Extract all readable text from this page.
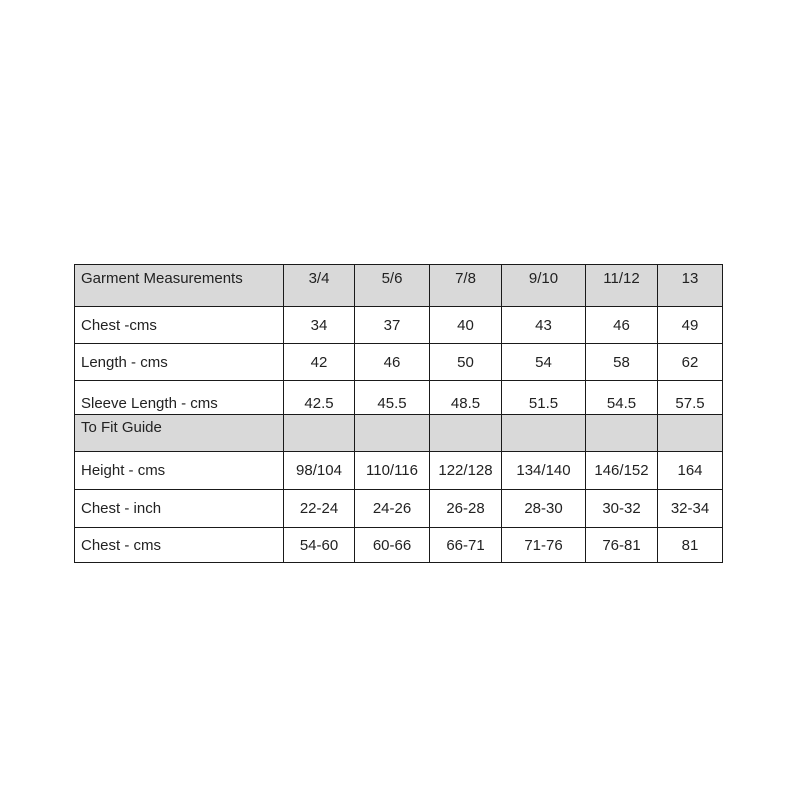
Garment Measurements	3/4	5/6	7/8	9/10	11/12	13
Chest -cms	34	37	40	43	46	49
Length - cms	42	46	50	54	58	62
Sleeve Length - cms	42.5	45.5	48.5	51.5	54.5	57.5
To Fit Guide						
Height - cms	98/104	110/116	122/128	134/140	146/152	164
Chest - inch	22-24	24-26	26-28	28-30	30-32	32-34
Chest - cms	54-60	60-66	66-71	71-76	76-81	81
